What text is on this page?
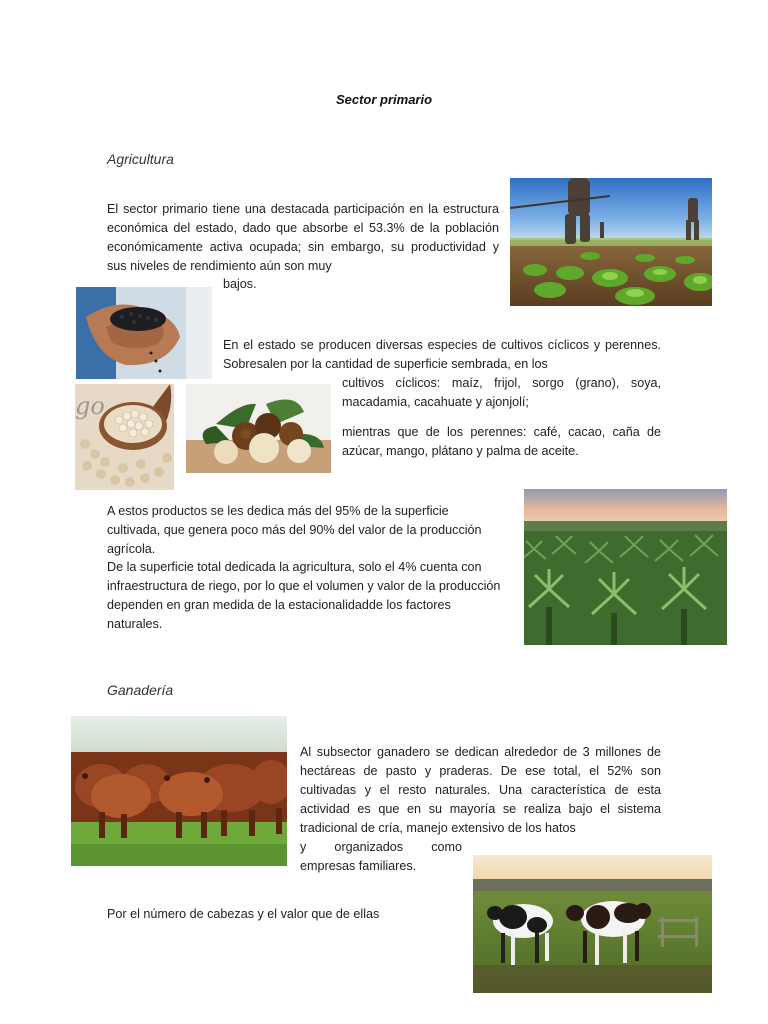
Sector primario
Agricultura
El sector primario tiene una destacada participación en la estructura económica del estado, dado que absorbe el 53.3% de la población económicamente activa ocupada; sin embargo, su productividad y sus niveles de rendimiento aún son muy
bajos.
En el estado se producen diversas especies de cultivos cíclicos y perennes. Sobresalen por la cantidad de superficie sembrada, en los
cultivos cíclicos: maíz, frijol, sorgo (grano), soya, macadamia, cacahuate y ajonjolí;
mientras que de los perennes: café, cacao, caña de azúcar, mango, plátano y palma de aceite.
go
A estos productos se les dedica más del 95% de la superficie cultivada, que genera poco más del 90% del valor de la producción agrícola.
De la superficie total dedicada la agricultura, solo el 4% cuenta con infraestructura de riego, por lo que el volumen y valor de la producción dependen en gran medida de la estacionalidadde los factores naturales.
Ganadería
Al subsector ganadero se dedican alrededor de 3 millones de hectáreas de pasto y praderas. De ese total, el 52% son cultivadas y el resto naturales. Una característica de esta actividad es que en su mayoría se realiza bajo el sistema tradicional de cría, manejo extensivo de los hatos
y organizados como
empresas familiares.
Por el número de cabezas y el valor que de ellas
